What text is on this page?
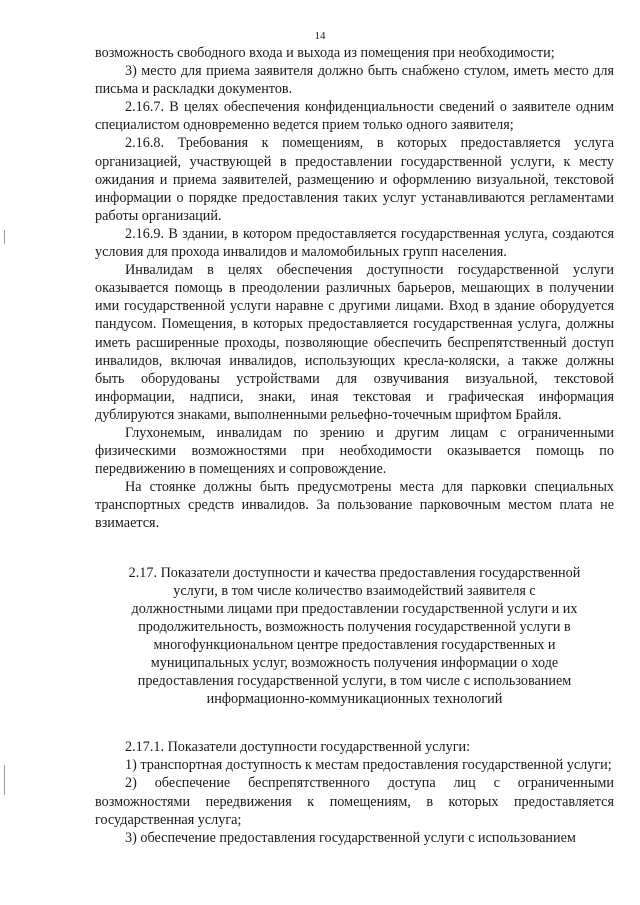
14

возможность свободного входа и выхода из помещения при необходимости;

3) место для приема заявителя должно быть снабжено стулом, иметь место для письма и раскладки документов.

2.16.7. В целях обеспечения конфиденциальности сведений о заявителе одним специалистом одновременно ведется прием только одного заявителя;

2.16.8. Требования к помещениям, в которых предоставляется услуга организацией, участвующей в предоставлении государственной услуги, к месту ожидания и приема заявителей, размещению и оформлению визуальной, текстовой информации о порядке предоставления таких услуг устанавливаются регламентами работы организаций.

2.16.9. В здании, в котором предоставляется государственная услуга, создаются условия для прохода инвалидов и маломобильных групп населения.

Инвалидам в целях обеспечения доступности государственной услуги оказывается помощь в преодолении различных барьеров, мешающих в получении ими государственной услуги наравне с другими лицами. Вход в здание оборудуется пандусом. Помещения, в которых предоставляется государственная услуга, должны иметь расширенные проходы, позволяющие обеспечить беспрепятственный доступ инвалидов, включая инвалидов, использующих кресла-коляски, а также должны быть оборудованы устройствами для озвучивания визуальной, текстовой информации, надписи, знаки, иная текстовая и графическая информация дублируются знаками, выполненными рельефно-точечным шрифтом Брайля.

Глухонемым, инвалидам по зрению и другим лицам с ограниченными физическими возможностями при необходимости оказывается помощь по передвижению в помещениях и сопровождение.

На стоянке должны быть предусмотрены места для парковки специальных транспортных средств инвалидов. За пользование парковочным местом плата не взимается.

2.17. Показатели доступности и качества предоставления государственной услуги, в том числе количество взаимодействий заявителя с должностными лицами при предоставлении государственной услуги и их продолжительность, возможность получения государственной услуги в многофункциональном центре предоставления государственных и муниципальных услуг, возможность получения информации о ходе предоставления государственной услуги, в том числе с использованием информационно-коммуникационных технологий

2.17.1. Показатели доступности государственной услуги:

1) транспортная доступность к местам предоставления государственной услуги;

2) обеспечение беспрепятственного доступа лиц с ограниченными возможностями передвижения к помещениям, в которых предоставляется государственная услуга;

3) обеспечение предоставления государственной услуги с использованием
